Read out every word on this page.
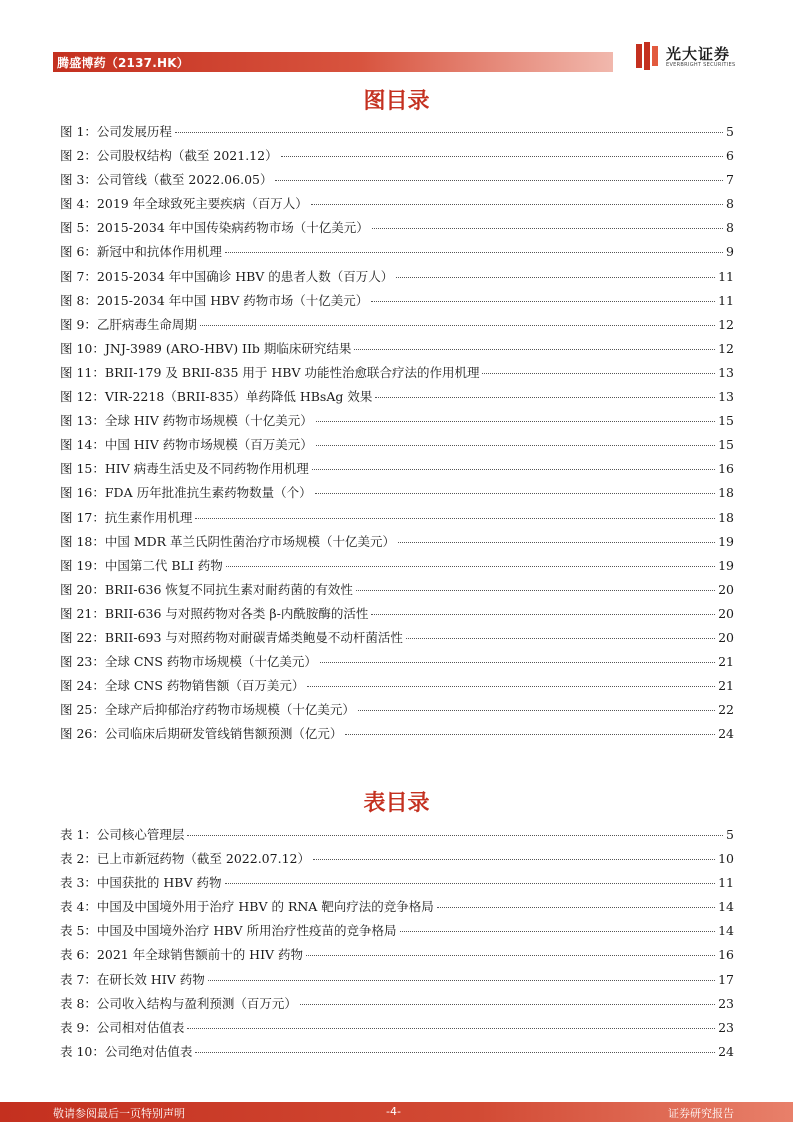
腾盛博药（2137.HK）	光大证券
EVERBRIGHT SECURITIES
图目录
图 1：公司发展历程	5
图 2：公司股权结构（截至 2021.12）	6
图 3：公司管线（截至 2022.06.05）	7
图 4：2019 年全球致死主要疾病（百万人）	8
图 5：2015-2034 年中国传染病药物市场（十亿美元）	8
图 6：新冠中和抗体作用机理	9
图 7：2015-2034 年中国确诊 HBV 的患者人数（百万人）	11
图 8：2015-2034 年中国 HBV 药物市场（十亿美元）	11
图 9：乙肝病毒生命周期	12
图 10：JNJ-3989 (ARO-HBV) IIb 期临床研究结果	12
图 11：BRII-179 及 BRII-835 用于 HBV 功能性治愈联合疗法的作用机理	13
图 12：VIR-2218（BRII-835）单药降低 HBsAg 效果	13
图 13：全球 HIV 药物市场规模（十亿美元）	15
图 14：中国 HIV 药物市场规模（百万美元）	15
图 15：HIV 病毒生活史及不同药物作用机理	16
图 16：FDA 历年批准抗生素药物数量（个）	18
图 17：抗生素作用机理	18
图 18：中国 MDR 革兰氏阴性菌治疗市场规模（十亿美元）	19
图 19：中国第二代 BLI 药物	19
图 20：BRII-636 恢复不同抗生素对耐药菌的有效性	20
图 21：BRII-636 与对照药物对各类 β-内酰胺酶的活性	20
图 22：BRII-693 与对照药物对耐碳青烯类鲍曼不动杆菌活性	20
图 23：全球 CNS 药物市场规模（十亿美元）	21
图 24：全球 CNS 药物销售额（百万美元）	21
图 25：全球产后抑郁治疗药物市场规模（十亿美元）	22
图 26：公司临床后期研发管线销售额预测（亿元）	24
表目录
表 1：公司核心管理层	5
表 2：已上市新冠药物（截至 2022.07.12）	10
表 3：中国获批的 HBV 药物	11
表 4：中国及中国境外用于治疗 HBV 的 RNA 靶向疗法的竞争格局	14
表 5：中国及中国境外治疗 HBV 所用治疗性疫苗的竞争格局	14
表 6：2021 年全球销售额前十的 HIV 药物	16
表 7：在研长效 HIV 药物	17
表 8：公司收入结构与盈利预测（百万元）	23
表 9：公司相对估值表	23
表 10：公司绝对估值表	24
敬请参阅最后一页特别声明	-4-	证券研究报告
